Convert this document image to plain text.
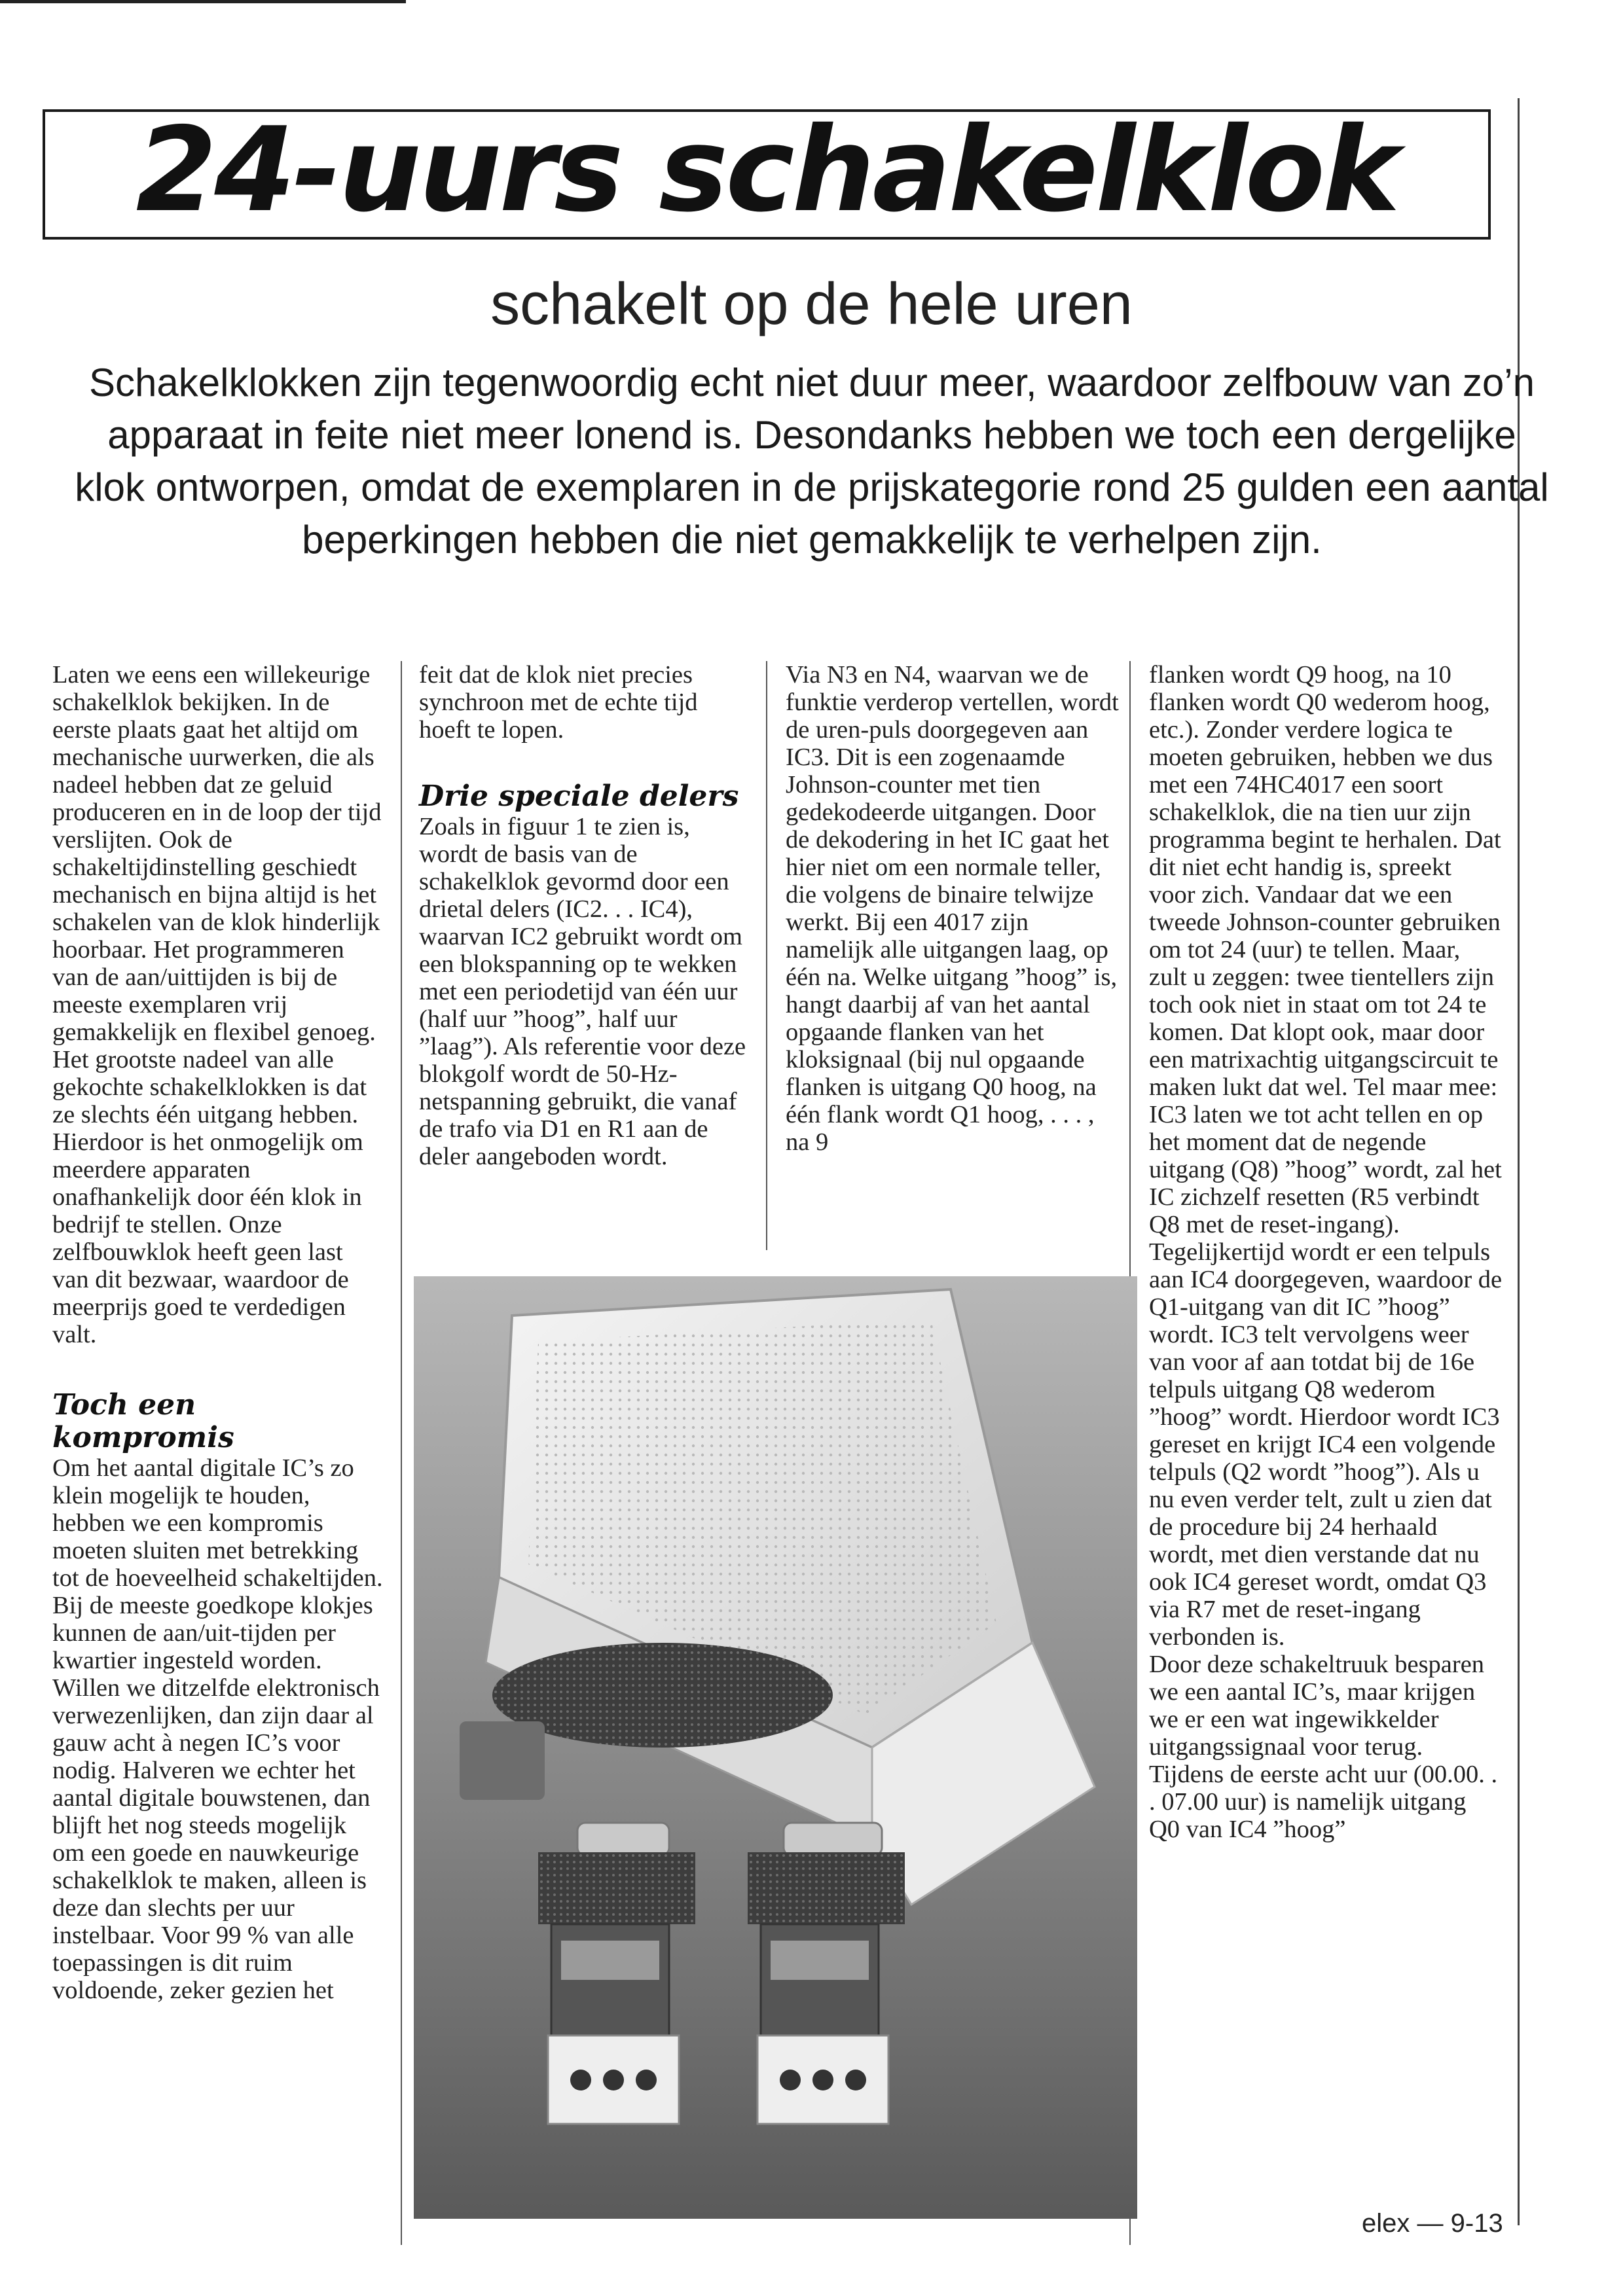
24-uurs schakelklok
schakelt op de hele uren
Schakelklokken zijn tegenwoordig echt niet duur meer, waardoor zelfbouw van zo’n apparaat in feite niet meer lonend is. Desondanks hebben we toch een dergelijke klok ontworpen, omdat de exemplaren in de prijskategorie rond 25 gulden een aantal beperkingen hebben die niet gemakkelijk te verhelpen zijn.

Laten we eens een willekeurige schakelklok bekijken. In de eerste plaats gaat het altijd om mechanische uurwerken, die als nadeel hebben dat ze geluid produceren en in de loop der tijd verslijten. Ook de schakeltijdinstelling geschiedt mechanisch en bijna altijd is het schakelen van de klok hinderlijk hoorbaar. Het programmeren van de aan/uittijden is bij de meeste exemplaren vrij gemakkelijk en flexibel genoeg. Het grootste nadeel van alle gekochte schakelklokken is dat ze slechts één uitgang hebben. Hierdoor is het onmogelijk om meerdere apparaten onafhankelijk door één klok in bedrijf te stellen. Onze zelfbouwklok heeft geen last van dit bezwaar, waardoor de meerprijs goed te verdedigen valt.

Toch een kompromis

Om het aantal digitale IC’s zo klein mogelijk te houden, hebben we een kompromis moeten sluiten met betrekking tot de hoeveelheid schakeltijden. Bij de meeste goedkope klokjes kunnen de aan/uit-tijden per kwartier ingesteld worden. Willen we ditzelfde elektronisch verwezenlijken, dan zijn daar al gauw acht à negen IC’s voor nodig. Halveren we echter het aantal digitale bouwstenen, dan blijft het nog steeds mogelijk om een goede en nauwkeurige schakelklok te maken, alleen is deze dan slechts per uur instelbaar. Voor 99 % van alle toepassingen is dit ruim voldoende, zeker gezien het

feit dat de klok niet precies synchroon met de echte tijd hoeft te lopen.

Drie speciale delers

Zoals in figuur 1 te zien is, wordt de basis van de schakelklok gevormd door een drietal delers (IC2. . . IC4), waarvan IC2 gebruikt wordt om een blokspanning op te wekken met een periodetijd van één uur (half uur ”hoog”, half uur ”laag”). Als referentie voor deze blokgolf wordt de 50-Hz-netspanning gebruikt, die vanaf de trafo via D1 en R1 aan de deler aangeboden wordt.

Via N3 en N4, waarvan we de funktie verderop vertellen, wordt de uren-puls doorgegeven aan IC3. Dit is een zogenaamde Johnson-counter met tien gedekodeerde uitgangen. Door de dekodering in het IC gaat het hier niet om een normale teller, die volgens de binaire telwijze werkt. Bij een 4017 zijn namelijk alle uitgangen laag, op één na. Welke uitgang ”hoog” is, hangt daarbij af van het aantal opgaande flanken van het kloksignaal (bij nul opgaande flanken is uitgang Q0 hoog, na één flank wordt Q1 hoog, . . . , na 9

flanken wordt Q9 hoog, na 10 flanken wordt Q0 wederom hoog, etc.). Zonder verdere logica te moeten gebruiken, hebben we dus met een 74HC4017 een soort schakelklok, die na tien uur zijn programma begint te herhalen. Dat dit niet echt handig is, spreekt voor zich. Vandaar dat we een tweede Johnson-counter gebruiken om tot 24 (uur) te tellen. Maar, zult u zeggen: twee tientellers zijn toch ook niet in staat om tot 24 te komen. Dat klopt ook, maar door een matrixachtig uitgangscircuit te maken lukt dat wel. Tel maar mee:

IC3 laten we tot acht tellen en op het moment dat de negende uitgang (Q8) ”hoog” wordt, zal het IC zichzelf resetten (R5 verbindt Q8 met de reset-ingang). Tegelijkertijd wordt er een telpuls aan IC4 doorgegeven, waardoor de Q1-uitgang van dit IC ”hoog” wordt. IC3 telt vervolgens weer van voor af aan totdat bij de 16e telpuls uitgang Q8 wederom ”hoog” wordt. Hierdoor wordt IC3 gereset en krijgt IC4 een volgende telpuls (Q2 wordt ”hoog”). Als u nu even verder telt, zult u zien dat de procedure bij 24 herhaald wordt, met dien verstande dat nu ook IC4 gereset wordt, omdat Q3 via R7 met de reset-ingang verbonden is.

Door deze schakeltruuk besparen we een aantal IC’s, maar krijgen we er een wat ingewikkelder uitgangssignaal voor terug. Tijdens de eerste acht uur (00.00. . . 07.00 uur) is namelijk uitgang Q0 van IC4 ”hoog”

elex — 9-13
